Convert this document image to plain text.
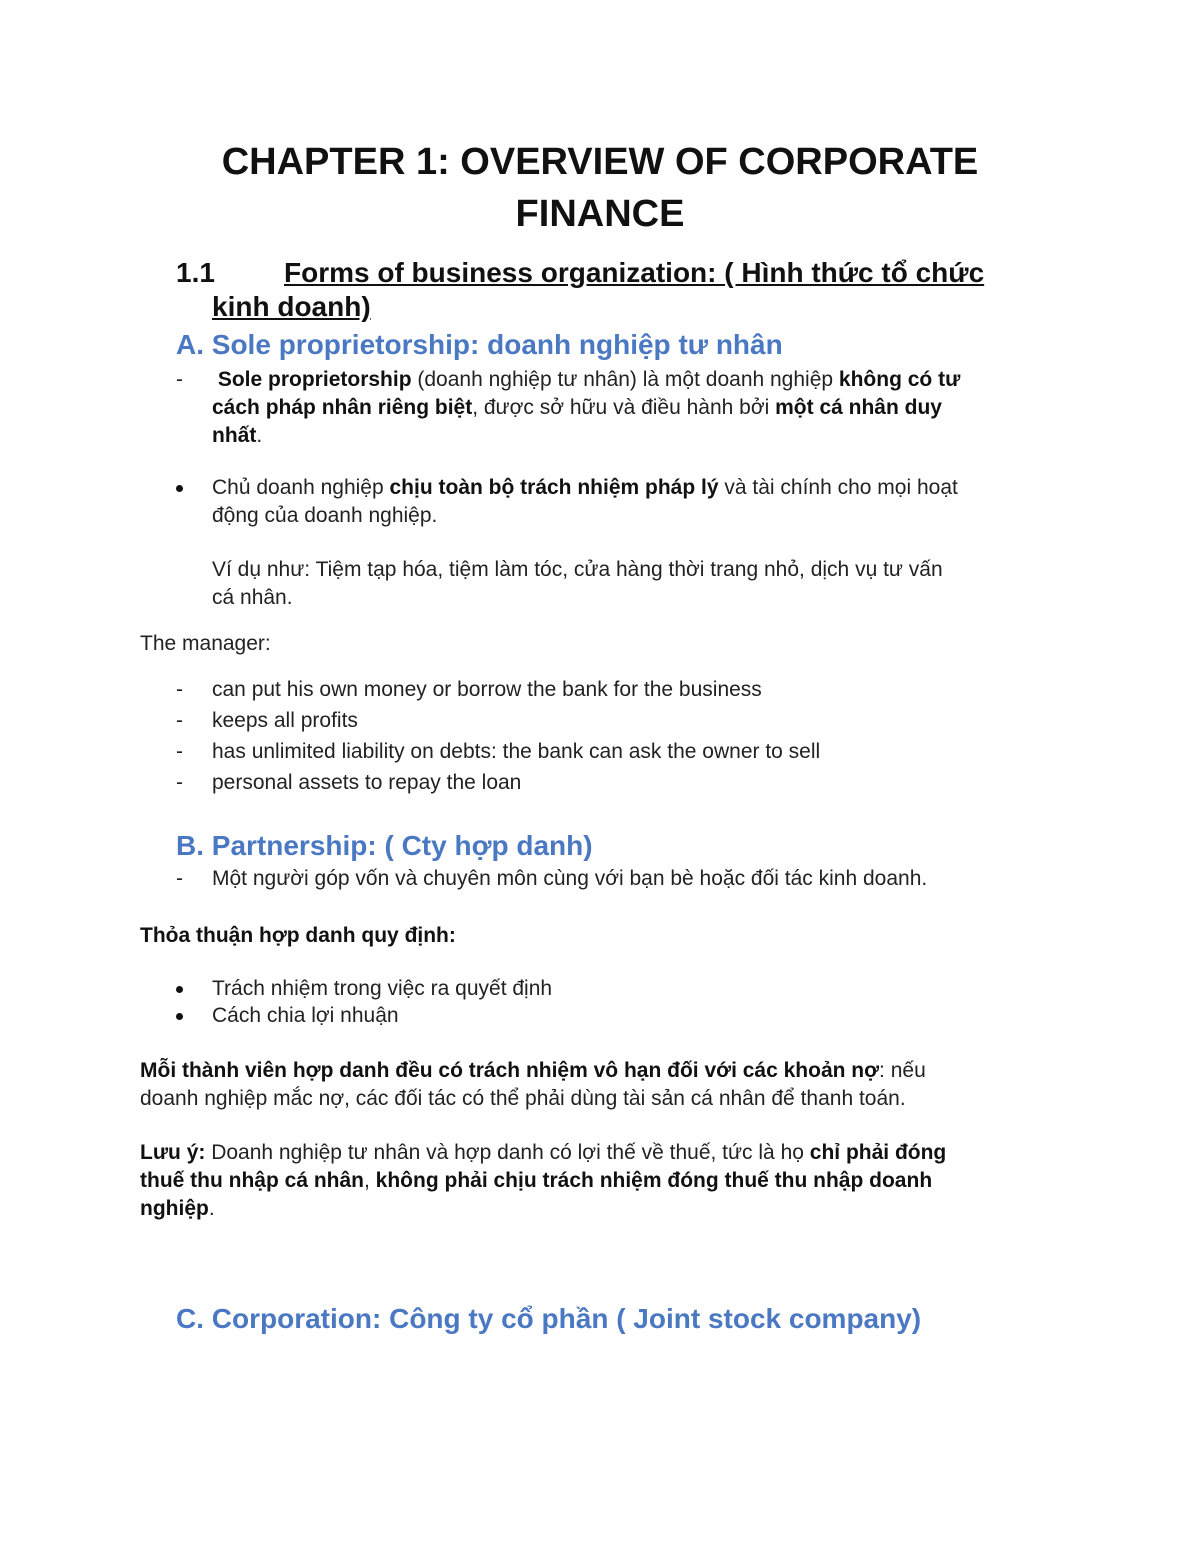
CHAPTER 1: OVERVIEW OF CORPORATE
FINANCE
1.1	Forms of business organization: ( Hình thức tổ chức
kinh doanh)
A. Sole proprietorship: doanh nghiệp tư nhân
- Sole proprietorship (doanh nghiệp tư nhân) là một doanh nghiệp không có tư
cách pháp nhân riêng biệt, được sở hữu và điều hành bởi một cá nhân duy
nhất.

Chủ doanh nghiệp chịu toàn bộ trách nhiệm pháp lý và tài chính cho mọi hoạt
động của doanh nghiệp.

Ví dụ như: Tiệm tạp hóa, tiệm làm tóc, cửa hàng thời trang nhỏ, dịch vụ tư vấn
cá nhân.

The manager:

- can put his own money or borrow the bank for the business

- keeps all profits

- has unlimited liability on debts: the bank can ask the owner to sell

- personal assets to repay the loan

B. Partnership: ( Cty hợp danh)
- Một người góp vốn và chuyên môn cùng với bạn bè hoặc đối tác kinh doanh.

Thỏa thuận hợp danh quy định:

Trách nhiệm trong việc ra quyết định

Cách chia lợi nhuận

Mỗi thành viên hợp danh đều có trách nhiệm vô hạn đối với các khoản nợ: nếu
doanh nghiệp mắc nợ, các đối tác có thể phải dùng tài sản cá nhân để thanh toán.

Lưu ý: Doanh nghiệp tư nhân và hợp danh có lợi thế về thuế, tức là họ chỉ phải đóng
thuế thu nhập cá nhân, không phải chịu trách nhiệm đóng thuế thu nhập doanh
nghiệp.

C. Corporation: Công ty cổ phần ( Joint stock company)
